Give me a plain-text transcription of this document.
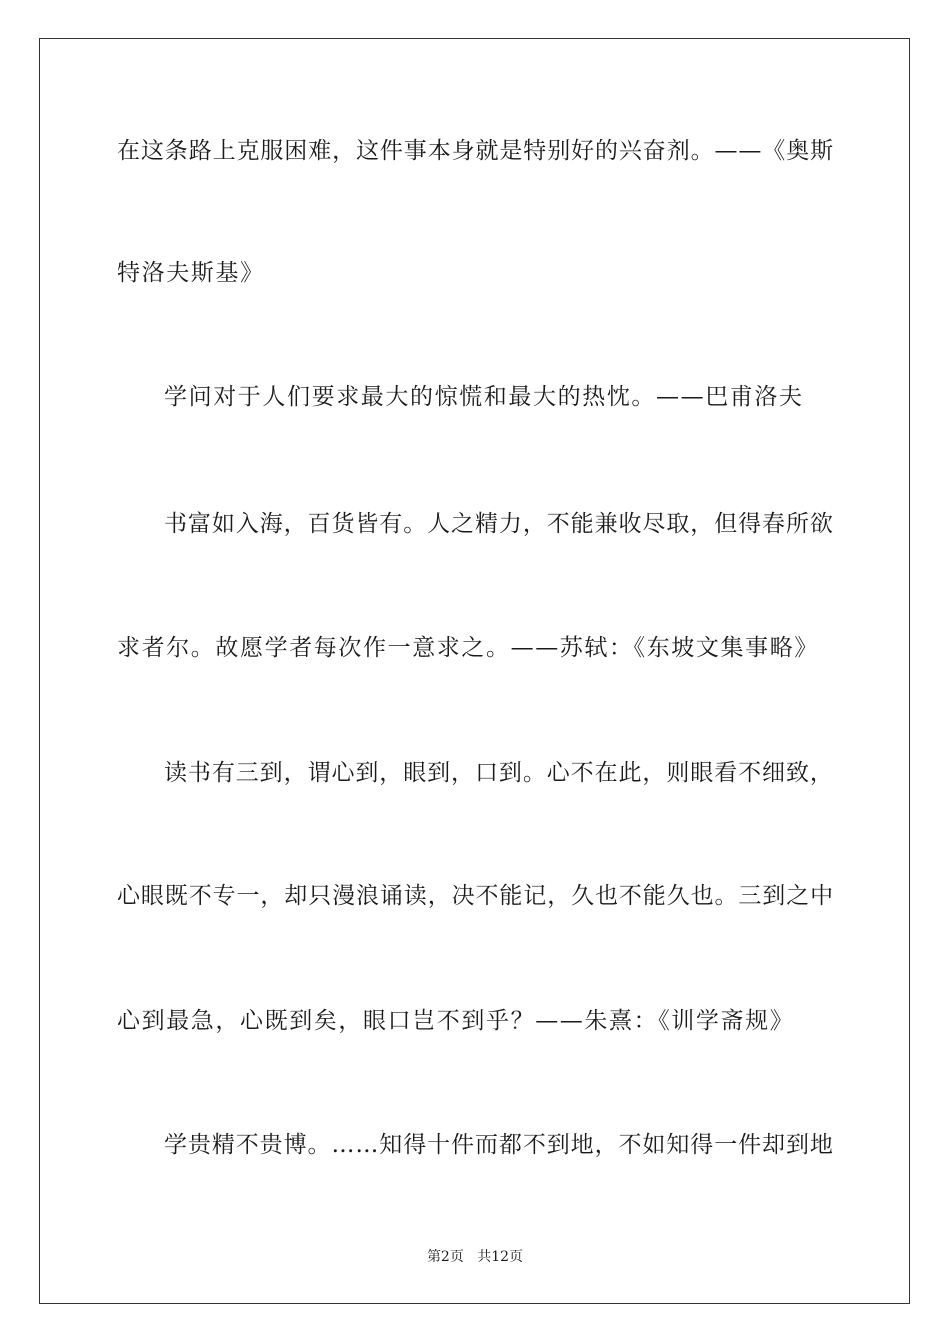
在这条路上克服困难，这件事本身就是特别好的兴奋剂。——《奥斯
特洛夫斯基》
学问对于人们要求最大的惊慌和最大的热忱。——巴甫洛夫
书富如入海，百货皆有。人之精力，不能兼收尽取，但得春所欲
求者尔。故愿学者每次作一意求之。——苏轼：《东坡文集事略》
读书有三到，谓心到，眼到，口到。心不在此，则眼看不细致，
心眼既不专一，却只漫浪诵读，决不能记，久也不能久也。三到之中
心到最急，心既到矣，眼口岂不到乎？——朱熹：《训学斋规》
学贵精不贵博。……知得十件而都不到地，不如知得一件却到地
第2页 共12页
